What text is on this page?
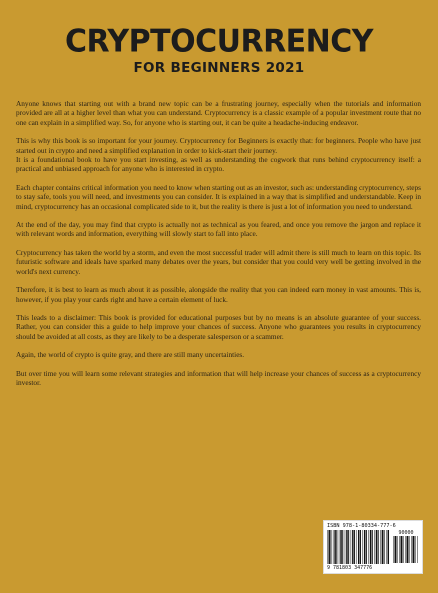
CRYPTOCURRENCY
FOR BEGINNERS 2021

Anyone knows that starting out with a brand new topic can be a frustrating journey, especially when the tutorials and information provided are all at a higher level than what you can understand. Cryptocurrency is a classic example of a popular investment route that no one can explain in a simplified way. So, for anyone who is starting out, it can be quite a headache-inducing endeavor.

This is why this book is so important for your journey. Cryptocurrency for Beginners is exactly that: for beginners. People who have just started out in crypto and need a simplified explanation in order to kick-start their journey.

It is a foundational book to have you start investing, as well as understanding the cogwork that runs behind cryptocurrency itself: a practical and unbiased approach for anyone who is interested in crypto.

Each chapter contains critical information you need to know when starting out as an investor, such as: understanding cryptocurrency, steps to stay safe, tools you will need, and investments you can consider. It is explained in a way that is simplified and understandable. Keep in mind, cryptocurrency has an occasional complicated side to it, but the reality is there is just a lot of information you need to understand.

At the end of the day, you may find that crypto is actually not as technical as you feared, and once you remove the jargon and replace it with relevant words and information, everything will slowly start to fall into place.

Cryptocurrency has taken the world by a storm, and even the most successful trader will admit there is still much to learn on this topic. Its futuristic software and ideals have sparked many debates over the years, but consider that you could very well be getting involved in the world's next currency.

Therefore, it is best to learn as much about it as possible, alongside the reality that you can indeed earn money in vast amounts. This is, however, if you play your cards right and have a certain element of luck.

This leads to a disclaimer: This book is provided for educational purposes but by no means is an absolute guarantee of your success. Rather, you can consider this a guide to help improve your chances of success. Anyone who guarantees you results in cryptocurrency should be avoided at all costs, as they are likely to be a desperate salesperson or a scammer.

Again, the world of crypto is quite gray, and there are still many uncertainties.

But over time you will learn some relevant strategies and information that will help increase your chances of success as a cryptocurrency investor.

ISBN 978-1-80334-777-6
90000
9 781803 347776
